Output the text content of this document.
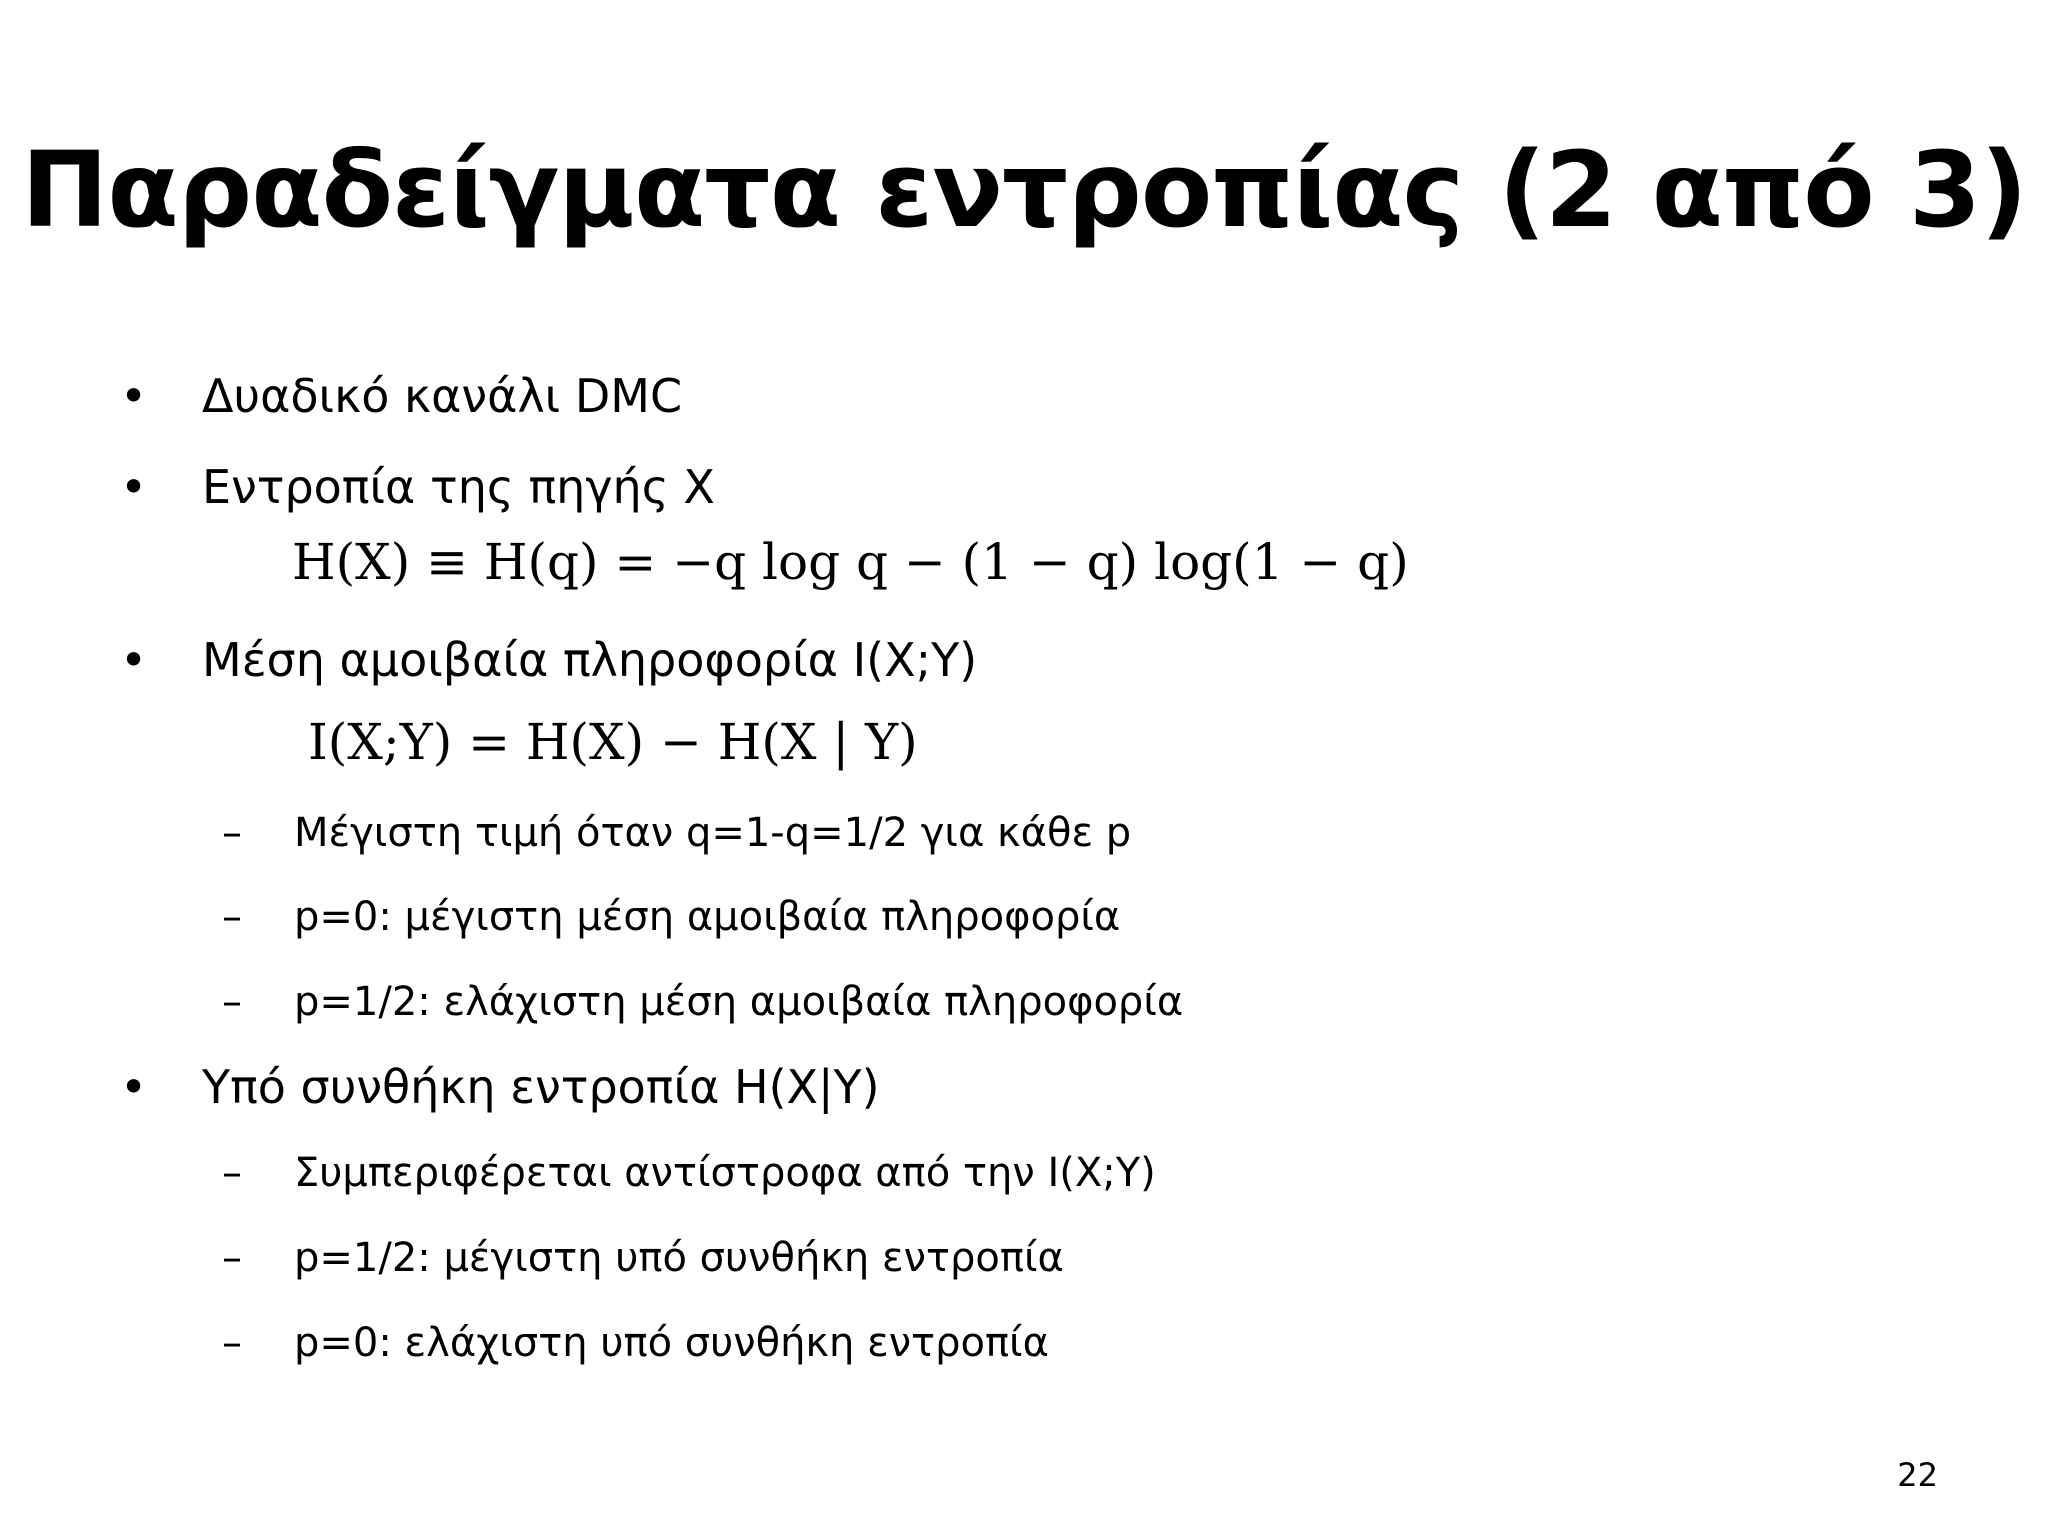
Παραδείγματα εντροπίας (2 από 3)
• Δυαδικό κανάλι DMC
• Εντροπία της πηγής X
H(X) ≡ H(q) = −q log q − (1 − q) log(1 − q)
• Μέση αμοιβαία πληροφορία I(X;Y)
I(X;Y) = H(X) − H(X | Y)
– Μέγιστη τιμή όταν q=1-q=1/2 για κάθε p
– p=0: μέγιστη μέση αμοιβαία πληροφορία
– p=1/2: ελάχιστη μέση αμοιβαία πληροφορία
• Υπό συνθήκη εντροπία H(X|Y)
– Συμπεριφέρεται αντίστροφα από την I(X;Y)
– p=1/2: μέγιστη υπό συνθήκη εντροπία
– p=0: ελάχιστη υπό συνθήκη εντροπία
22
